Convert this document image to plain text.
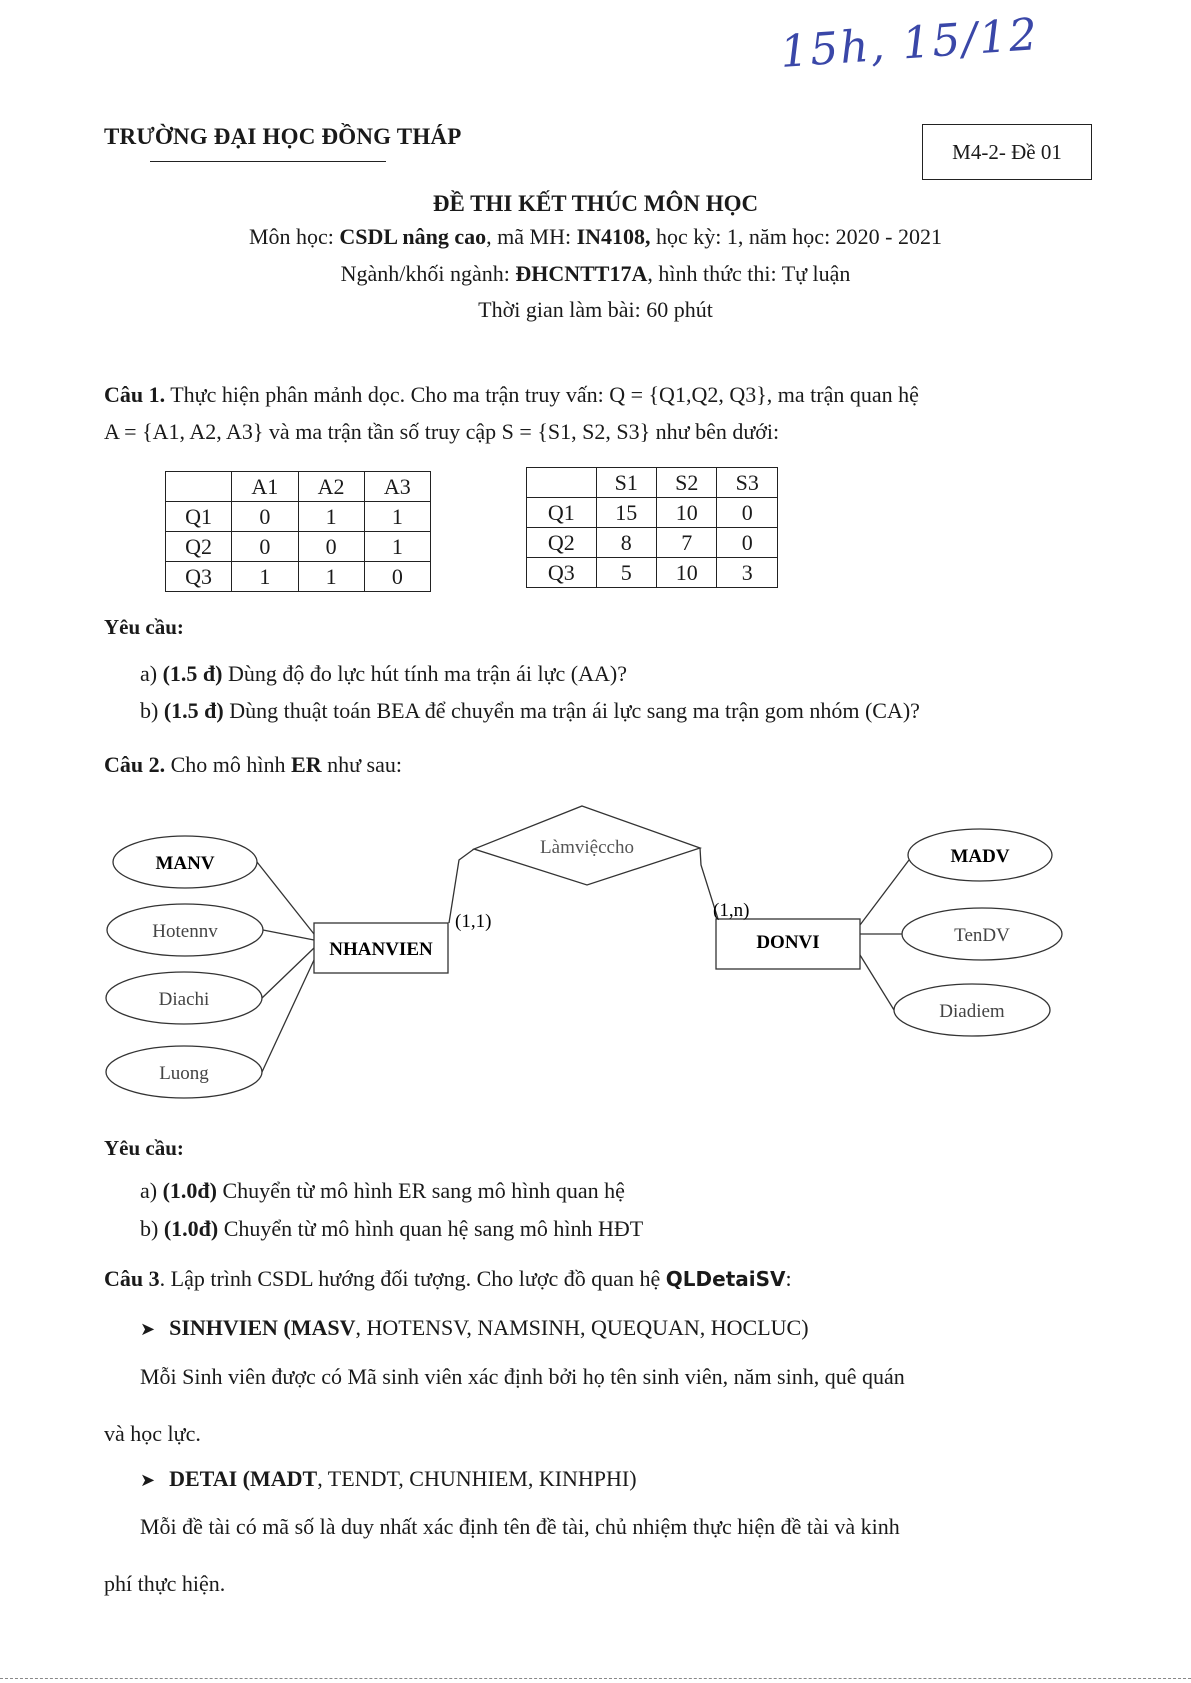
15h, 15/12
TRƯỜNG ĐẠI HỌC ĐỒNG THÁP
M4-2- Đề 01
ĐỀ THI KẾT THÚC MÔN HỌC
Môn học: CSDL nâng cao, mã MH: IN4108, học kỳ: 1, năm học: 2020 - 2021
Ngành/khối ngành: ĐHCNTT17A, hình thức thi: Tự luận
Thời gian làm bài: 60 phút
Câu 1. Thực hiện phân mảnh dọc. Cho ma trận truy vấn: Q = {Q1,Q2, Q3}, ma trận quan hệ
A = {A1, A2, A3} và ma trận tần số truy cập S = {S1, S2, S3} như bên dưới:
	A1	A2	A3
Q1	0	1	1
Q2	0	0	1
Q3	1	1	0
	S1	S2	S3
Q1	15	10	0
Q2	8	7	0
Q3	5	10	3
Yêu cầu:
a) (1.5 đ) Dùng độ đo lực hút tính ma trận ái lực (AA)?
b) (1.5 đ) Dùng thuật toán BEA để chuyển ma trận ái lực sang ma trận gom nhóm (CA)?
Câu 2. Cho mô hình ER như sau:
Làmviệccho
NHANVIEN	DONVI
(1,1)
(1,n)
MANV
Hotennv
Diachi
Luong
MADV
TenDV
Diadiem
Yêu cầu:
a) (1.0đ) Chuyển từ mô hình ER sang mô hình quan hệ
b) (1.0đ) Chuyển từ mô hình quan hệ sang mô hình HĐT
Câu 3. Lập trình CSDL hướng đối tượng. Cho lược đồ quan hệ QLDetaiSV:
➤ SINHVIEN (MASV, HOTENSV, NAMSINH, QUEQUAN, HOCLUC)
Mỗi Sinh viên được có Mã sinh viên xác định bởi họ tên sinh viên, năm sinh, quê quán
và học lực.
➤ DETAI (MADT, TENDT, CHUNHIEM, KINHPHI)
Mỗi đề tài có mã số là duy nhất xác định tên đề tài, chủ nhiệm thực hiện đề tài và kinh
phí thực hiện.
